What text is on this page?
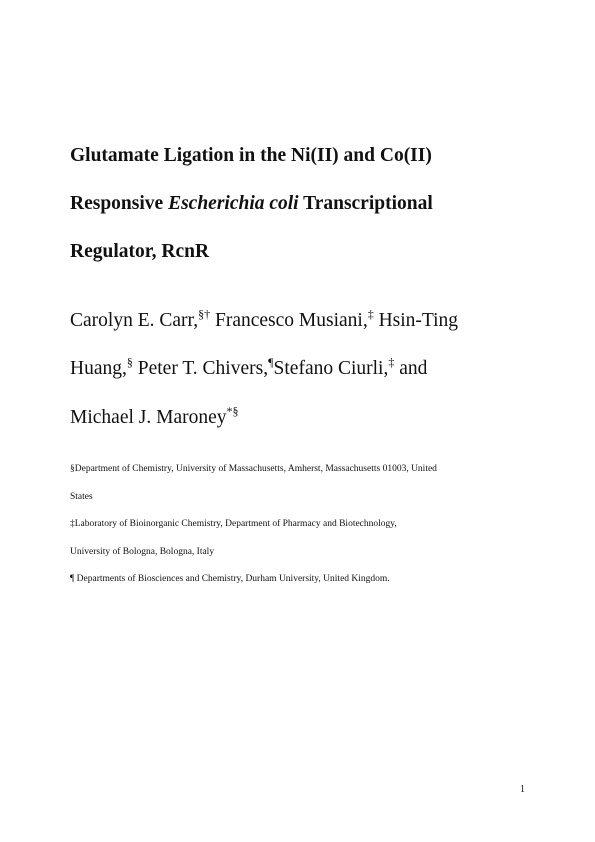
Glutamate Ligation in the Ni(II) and Co(II)
Responsive Escherichia coli Transcriptional
Regulator, RcnR
Carolyn E. Carr,§† Francesco Musiani,‡ Hsin-Ting
Huang,§ Peter T. Chivers,¶Stefano Ciurli,‡ and
Michael J. Maroney*§
§Department of Chemistry, University of Massachusetts, Amherst, Massachusetts 01003, United
States
‡Laboratory of Bioinorganic Chemistry, Department of Pharmacy and Biotechnology,
University of Bologna, Bologna, Italy
¶ Departments of Biosciences and Chemistry, Durham University, United Kingdom.
1
